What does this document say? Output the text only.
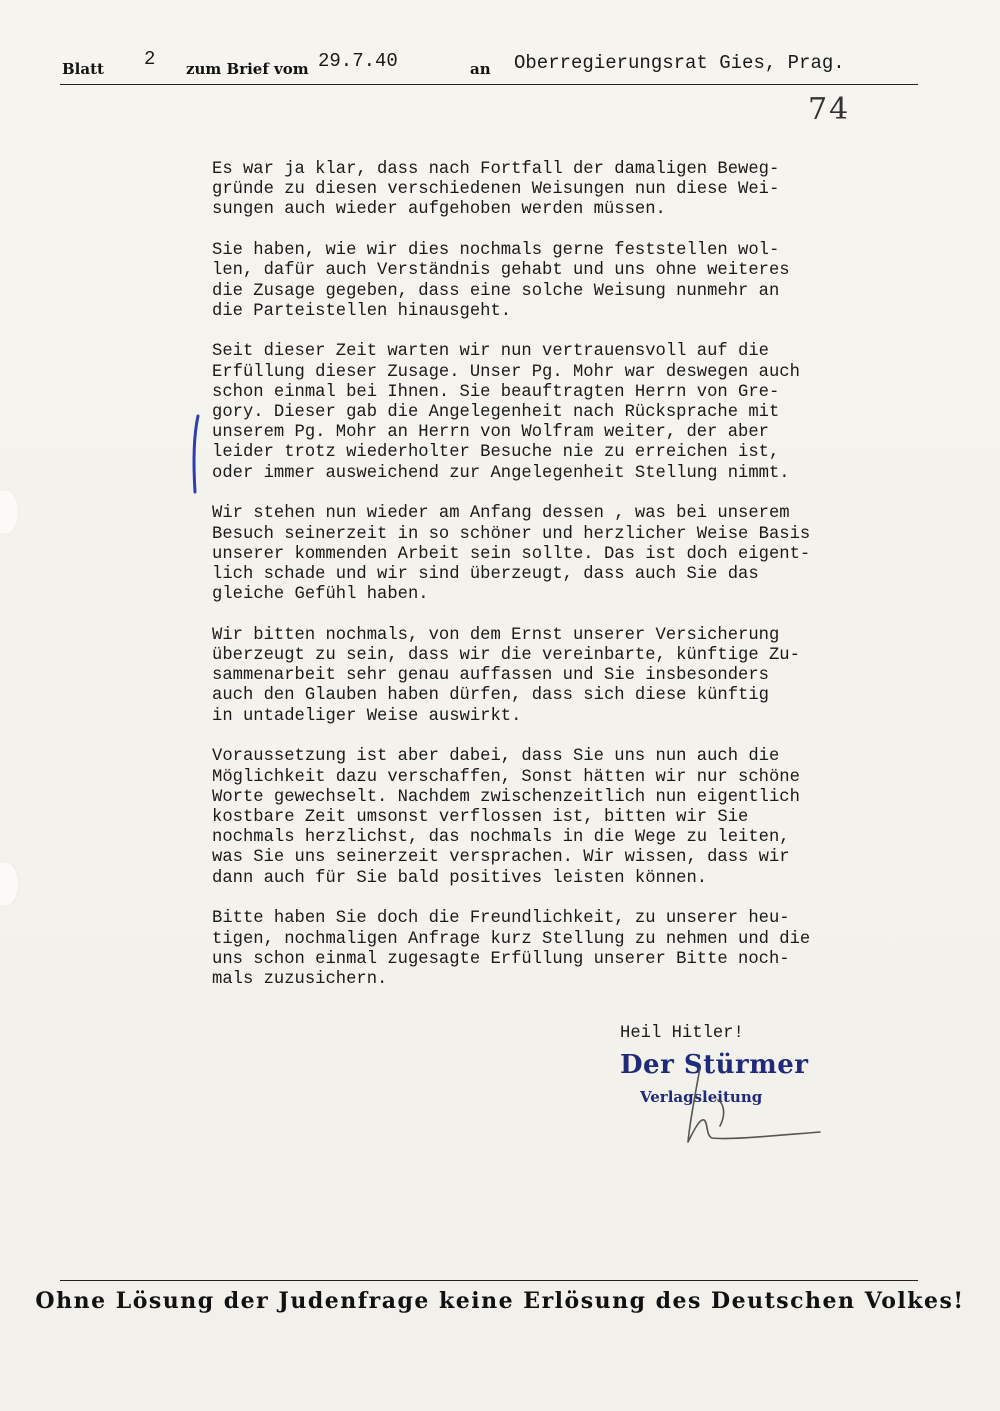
Blatt 2 zum Brief vom 29.7.40	an Oberregierungsrat Gies, Prag.
74
Es war ja klar, dass nach Fortfall der damaligen Beweg-
gründe zu diesen verschiedenen Weisungen nun diese Wei-
sungen auch wieder aufgehoben werden müssen.
Sie haben, wie wir dies nochmals gerne feststellen wol-
len, dafür auch Verständnis gehabt und uns ohne weiteres
die Zusage gegeben, dass eine solche Weisung nunmehr an
die Parteistellen hinausgeht.
Seit dieser Zeit warten wir nun vertrauensvoll auf die
Erfüllung dieser Zusage. Unser Pg. Mohr war deswegen auch
schon einmal bei Ihnen. Sie beauftragten Herrn von Gre-
gory. Dieser gab die Angelegenheit nach Rücksprache mit
unserem Pg. Mohr an Herrn von Wolfram weiter, der aber
leider trotz wiederholter Besuche nie zu erreichen ist,
oder immer ausweichend zur Angelegenheit Stellung nimmt.
Wir stehen nun wieder am Anfang dessen , was bei unserem
Besuch seinerzeit in so schöner und herzlicher Weise Basis
unserer kommenden Arbeit sein sollte. Das ist doch eigent-
lich schade und wir sind überzeugt, dass auch Sie das
gleiche Gefühl haben.
Wir bitten nochmals, von dem Ernst unserer Versicherung
überzeugt zu sein, dass wir die vereinbarte, künftige Zu-
sammenarbeit sehr genau auffassen und Sie insbesonders
auch den Glauben haben dürfen, dass sich diese künftig
in untadeliger Weise auswirkt.
Voraussetzung ist aber dabei, dass Sie uns nun auch die
Möglichkeit dazu verschaffen, Sonst hätten wir nur schöne
Worte gewechselt. Nachdem zwischenzeitlich nun eigentlich
kostbare Zeit umsonst verflossen ist, bitten wir Sie
nochmals herzlichst, das nochmals in die Wege zu leiten,
was Sie uns seinerzeit versprachen. Wir wissen, dass wir
dann auch für Sie bald positives leisten können.
Bitte haben Sie doch die Freundlichkeit, zu unserer heu-
tigen, nochmaligen Anfrage kurz Stellung zu nehmen und die
uns schon einmal zugesagte Erfüllung unserer Bitte noch-
mals zuzusichern.
Heil Hitler!
Der Stürmer
Verlagsleitung
Ohne Lösung der Judenfrage keine Erlösung des Deutschen Volkes!
